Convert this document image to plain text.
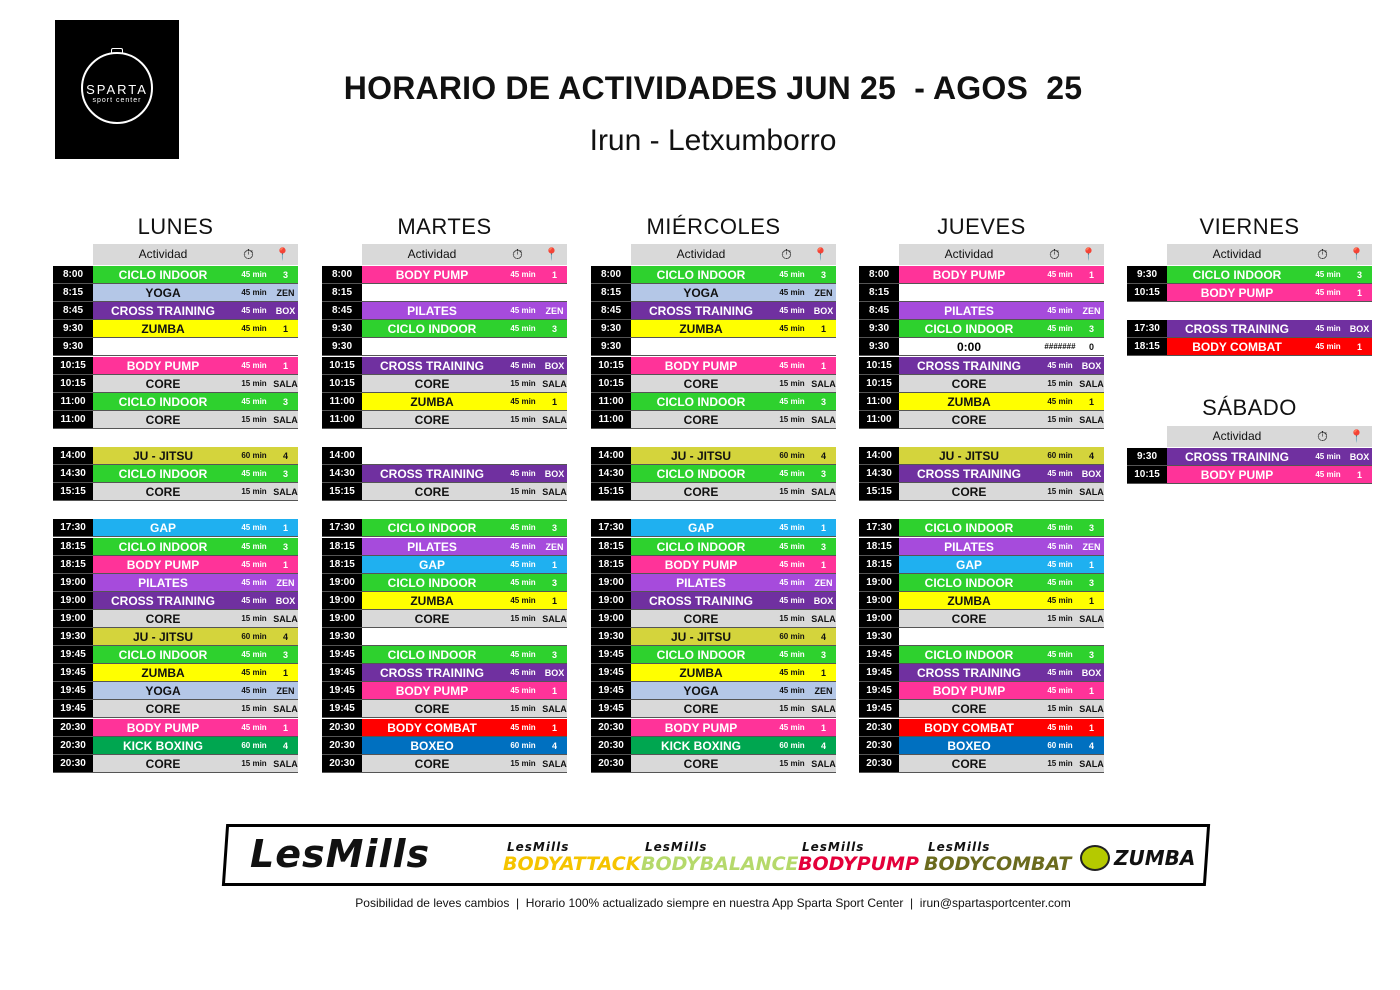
SPARTA
sport center	HORARIO DE ACTIVIDADES JUN 25  - AGOS  25
Irun - Letxumborro
LUNES
Actividad	⏱ 📍
8:00	CICLO INDOOR	45 min	3
8:15	YOGA	45 min	ZEN
8:45	CROSS TRAINING	45 min	BOX
9:30	ZUMBA	45 min	1
9:30
10:15	BODY PUMP	45 min	1
10:15	CORE	15 min SALA
11:00	CICLO INDOOR	45 min	3
11:00	CORE	15 min SALA
14:00	JU - JITSU	60 min	4
14:30	CICLO INDOOR	45 min	3
15:15	CORE	15 min SALA
17:30	GAP	45 min	1
18:15	CICLO INDOOR	45 min	3
18:15	BODY PUMP	45 min	1
19:00	PILATES	45 min	ZEN
19:00	CROSS TRAINING	45 min	BOX
19:00	CORE	15 min SALA
19:30	JU - JITSU	60 min	4
19:45	CICLO INDOOR	45 min	3
19:45	ZUMBA	45 min	1
19:45	YOGA	45 min	ZEN
19:45	CORE	15 min SALA
20:30	BODY PUMP	45 min	1
20:30	KICK BOXING	60 min	4
20:30	CORE	15 min SALA
MARTES
Actividad	⏱ 📍
8:00	BODY PUMP	45 min	1
8:15
8:45	PILATES	45 min	ZEN
9:30	CICLO INDOOR	45 min	3
9:30
10:15	CROSS TRAINING	45 min	BOX
10:15	CORE	15 min SALA
11:00	ZUMBA	45 min	1
11:00	CORE	15 min SALA
14:00
14:30	CROSS TRAINING	45 min	BOX
15:15	CORE	15 min SALA
17:30	CICLO INDOOR	45 min	3
18:15	PILATES	45 min	ZEN
18:15	GAP	45 min	1
19:00	CICLO INDOOR	45 min	3
19:00	ZUMBA	45 min	1
19:00	CORE	15 min SALA
19:30
19:45	CICLO INDOOR	45 min	3
19:45	CROSS TRAINING	45 min	BOX
19:45	BODY PUMP	45 min	1
19:45	CORE	15 min SALA
20:30	BODY COMBAT	45 min	1
20:30	BOXEO	60 min	4
20:30	CORE	15 min SALA
MIÉRCOLES
Actividad	⏱ 📍
8:00	CICLO INDOOR	45 min	3
8:15	YOGA	45 min	ZEN
8:45	CROSS TRAINING	45 min	BOX
9:30	ZUMBA	45 min	1
9:30
10:15	BODY PUMP	45 min	1
10:15	CORE	15 min SALA
11:00	CICLO INDOOR	45 min	3
11:00	CORE	15 min SALA
14:00	JU - JITSU	60 min	4
14:30	CICLO INDOOR	45 min	3
15:15	CORE	15 min SALA
17:30	GAP	45 min	1
18:15	CICLO INDOOR	45 min	3
18:15	BODY PUMP	45 min	1
19:00	PILATES	45 min	ZEN
19:00	CROSS TRAINING	45 min	BOX
19:00	CORE	15 min SALA
19:30	JU - JITSU	60 min	4
19:45	CICLO INDOOR	45 min	3
19:45	ZUMBA	45 min	1
19:45	YOGA	45 min	ZEN
19:45	CORE	15 min SALA
20:30	BODY PUMP	45 min	1
20:30	KICK BOXING	60 min	4
20:30	CORE	15 min SALA
JUEVES
Actividad	⏱ 📍
8:00	BODY PUMP	45 min	1
8:15
8:45	PILATES	45 min	ZEN
9:30	CICLO INDOOR	45 min	3
9:30	0:00	#######	0
10:15	CROSS TRAINING	45 min	BOX
10:15	CORE	15 min SALA
11:00	ZUMBA	45 min	1
11:00	CORE	15 min SALA
14:00	JU - JITSU	60 min	4
14:30	CROSS TRAINING	45 min	BOX
15:15	CORE	15 min SALA
17:30	CICLO INDOOR	45 min	3
18:15	PILATES	45 min	ZEN
18:15	GAP	45 min	1
19:00	CICLO INDOOR	45 min	3
19:00	ZUMBA	45 min	1
19:00	CORE	15 min SALA
19:30
19:45	CICLO INDOOR	45 min	3
19:45	CROSS TRAINING	45 min	BOX
19:45	BODY PUMP	45 min	1
19:45	CORE	15 min SALA
20:30	BODY COMBAT	45 min	1
20:30	BOXEO	60 min	4
20:30	CORE	15 min SALA
VIERNES
Actividad	⏱ 📍
9:30	CICLO INDOOR	45 min	3
10:15	BODY PUMP	45 min	1
17:30	CROSS TRAINING	45 min	BOX
18:15	BODY COMBAT	45 min	1
SÁBADO
Actividad	⏱ 📍
9:30	CROSS TRAINING	45 min	BOX
10:15	BODY PUMP	45 min	1
LesMills	LesMills
BODYATTACK
LesMills
BODYBALANCE
LesMills
BODYPUMP
LesMills
BODYCOMBAT ZUMBA
Posibilidad de leves cambios  |  Horario 100% actualizado siempre en nuestra App Sparta Sport Center  |  irun@spartasportcenter.com
